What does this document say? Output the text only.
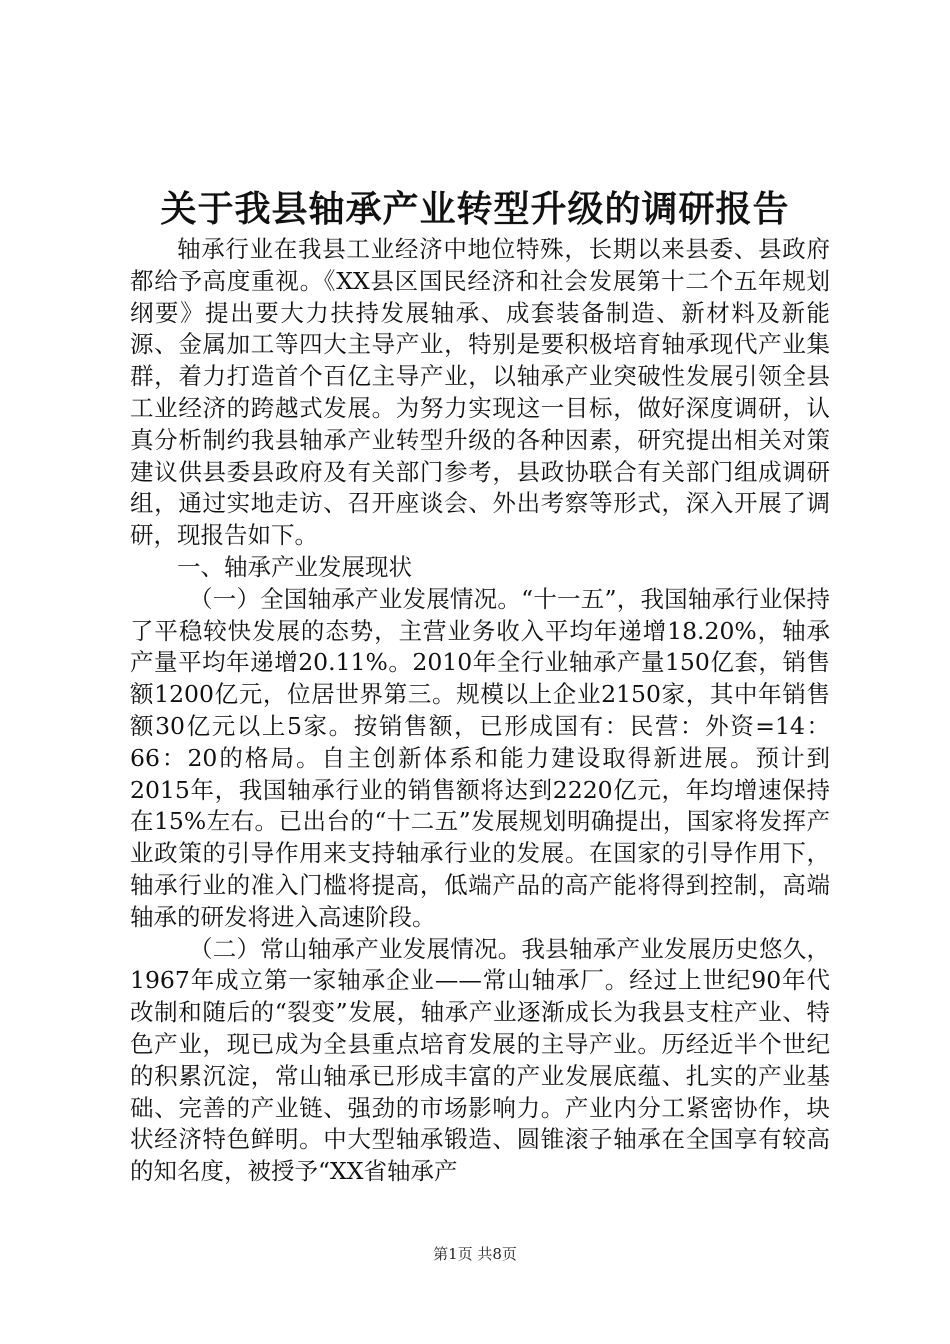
关于我县轴承产业转型升级的调研报告

轴承行业在我县工业经济中地位特殊，长期以来县委、县政府都给予高度重视。《XX县区国民经济和社会发展第十二个五年规划纲要》提出要大力扶持发展轴承、成套装备制造、新材料及新能源、金属加工等四大主导产业，特别是要积极培育轴承现代产业集群，着力打造首个百亿主导产业，以轴承产业突破性发展引领全县工业经济的跨越式发展。为努力实现这一目标，做好深度调研，认真分析制约我县轴承产业转型升级的各种因素，研究提出相关对策建议供县委县政府及有关部门参考，县政协联合有关部门组成调研组，通过实地走访、召开座谈会、外出考察等形式，深入开展了调研，现报告如下。

一、轴承产业发展现状

（一）全国轴承产业发展情况。“十一五”，我国轴承行业保持了平稳较快发展的态势，主营业务收入平均年递增18.20%，轴承产量平均年递增20.11%。2010年全行业轴承产量150亿套，销售额1200亿元，位居世界第三。规模以上企业2150家，其中年销售额30亿元以上5家。按销售额，已形成国有：民营：外资=14：66：20的格局。自主创新体系和能力建设取得新进展。预计到2015年，我国轴承行业的销售额将达到2220亿元，年均增速保持在15%左右。已出台的“十二五”发展规划明确提出，国家将发挥产业政策的引导作用来支持轴承行业的发展。在国家的引导作用下，轴承行业的准入门槛将提高，低端产品的高产能将得到控制，高端轴承的研发将进入高速阶段。

（二）常山轴承产业发展情况。我县轴承产业发展历史悠久，1967年成立第一家轴承企业——常山轴承厂。经过上世纪90年代改制和随后的“裂变”发展，轴承产业逐渐成长为我县支柱产业、特色产业，现已成为全县重点培育发展的主导产业。历经近半个世纪的积累沉淀，常山轴承已形成丰富的产业发展底蕴、扎实的产业基础、完善的产业链、强劲的市场影响力。产业内分工紧密协作，块状经济特色鲜明。中大型轴承锻造、圆锥滚子轴承在全国享有较高的知名度，被授予“XX省轴承产

第1页 共8页
